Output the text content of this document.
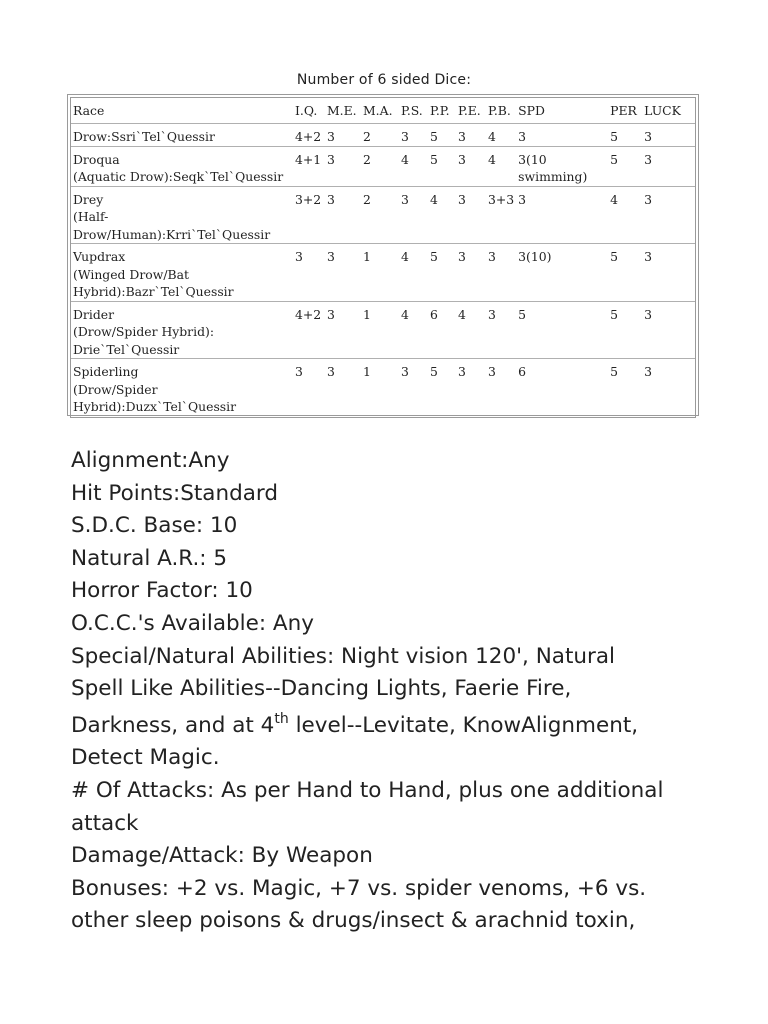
Number of 6 sided Dice:
Race	I.Q.	M.E.	M.A.	P.S.	P.P.	P.E.	P.B.	SPD	PER	LUCK

Drow:Ssri`Tel`Quessir	4+2	3	2	3	5	3	4	3	5	3

Droqua
(Aquatic Drow):Seqk`Tel`Quessir	4+1	3	2	4	5	3	4	3(10 swimming)	5	3

Drey
(Half-
Drow/Human):Krri`Tel`Quessir	3+2	3	2	3	4	3	3+3	3	4	3

Vupdrax
(Winged Drow/Bat
Hybrid):Bazr`Tel`Quessir	3	3	1	4	5	3	3	3(10)	5	3

Drider
(Drow/Spider Hybrid):
Drie`Tel`Quessir	4+2	3	1	4	6	4	3	5	5	3

Spiderling
(Drow/Spider
Hybrid):Duzx`Tel`Quessir	3	3	1	3	5	3	3	6	5	3
Alignment:Any
Hit Points:Standard
S.D.C. Base: 10
Natural A.R.: 5
Horror Factor: 10
O.C.C.'s Available: Any
Special/Natural Abilities: Night vision 120', Natural
Spell Like Abilities--Dancing Lights, Faerie Fire,
Darkness, and at 4th level--Levitate, KnowAlignment,
Detect Magic.
# Of Attacks: As per Hand to Hand, plus one additional
attack
Damage/Attack: By Weapon
Bonuses: +2 vs. Magic, +7 vs. spider venoms, +6 vs.
other sleep poisons & drugs/insect & arachnid toxin,
